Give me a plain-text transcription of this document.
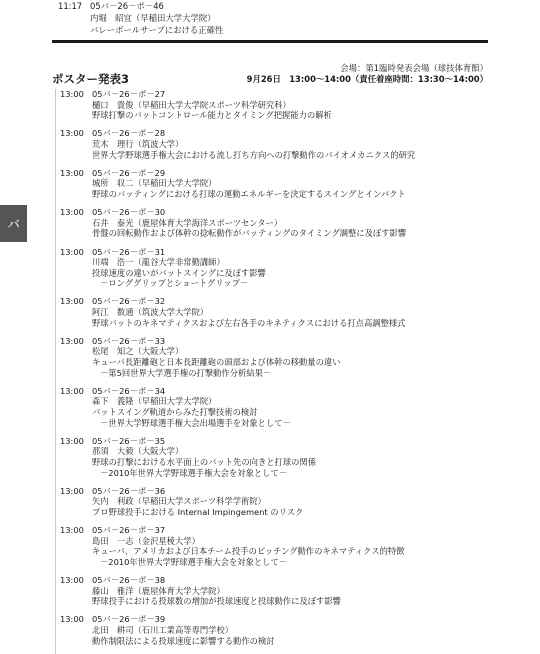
11:17 05バ－26－ポ－46
内堀　昭宜（早稲田大学大学院）
バレーボールサーブにおける正確性
会場：第1臨時発表会場（球技体育館）
ポスター発表3	9月26日　13:00～14:00（責任着座時間：13:30～14:00）
バ
13:00 05バ－26－ポ－27
樋口　貴俊（早稲田大学大学院スポーツ科学研究科）
野球打撃のバットコントロール能力とタイミング把握能力の解析
13:00 05バ－26－ポ－28
荒木　理行（筑波大学）
世界大学野球選手権大会における流し打ち方向への打撃動作のバイオメカニクス的研究
13:00 05バ－26－ポ－29
城所　収二（早稲田大学大学院）
野球のバッティングにおける打球の運動エネルギーを決定するスイングとインパクト
13:00 05バ－26－ポ－30
石井　泰光（鹿屋体育大学海洋スポーツセンター）
骨盤の回転動作および体幹の捻転動作がバッティングのタイミング調整に及ぼす影響
13:00 05バ－26－ポ－31
川端　浩一（龍谷大学非常勤講師）
投球速度の違いがバットスイングに及ぼす影響
－ロンググリップとショートグリップ－
13:00 05バ－26－ポ－32
阿江　数通（筑波大学大学院）
野球バットのキネマティクスおよび左右各手のキネティクスにおける打点高調整様式
13:00 05バ－26－ポ－33
松尾　知之（大阪大学）
キューバ長距離砲と日本長距離砲の頭部および体幹の移動量の違い
－第5回世界大学選手権の打撃動作分析結果－
13:00 05バ－26－ポ－34
森下　義隆（早稲田大学大学院）
バットスイング軌道からみた打撃技術の検討
－世界大学野球選手権大会出場選手を対象として－
13:00 05バ－26－ポ－35
那須　大毅（大阪大学）
野球の打撃における水平面上のバット先の向きと打球の関係
－2010年世界大学野球選手権大会を対象として－
13:00 05バ－26－ポ－36
矢内　利政（早稲田大学スポーツ科学学術院）
プロ野球投手における Internal Impingement のリスク
13:00 05バ－26－ポ－37
島田　一志（金沢星稜大学）
キューバ、アメリカおよび日本チーム投手のピッチング動作のキネマティクス的特徴
－2010年世界大学野球選手権大会を対象として－
13:00 05バ－26－ポ－38
藤山　雅洋（鹿屋体育大学大学院）
野球投手における投球数の増加が投球速度と投球動作に及ぼす影響
13:00 05バ－26－ポ－39
北田　耕司（石川工業高等専門学校）
動作制限法による投球速度に影響する動作の検討
